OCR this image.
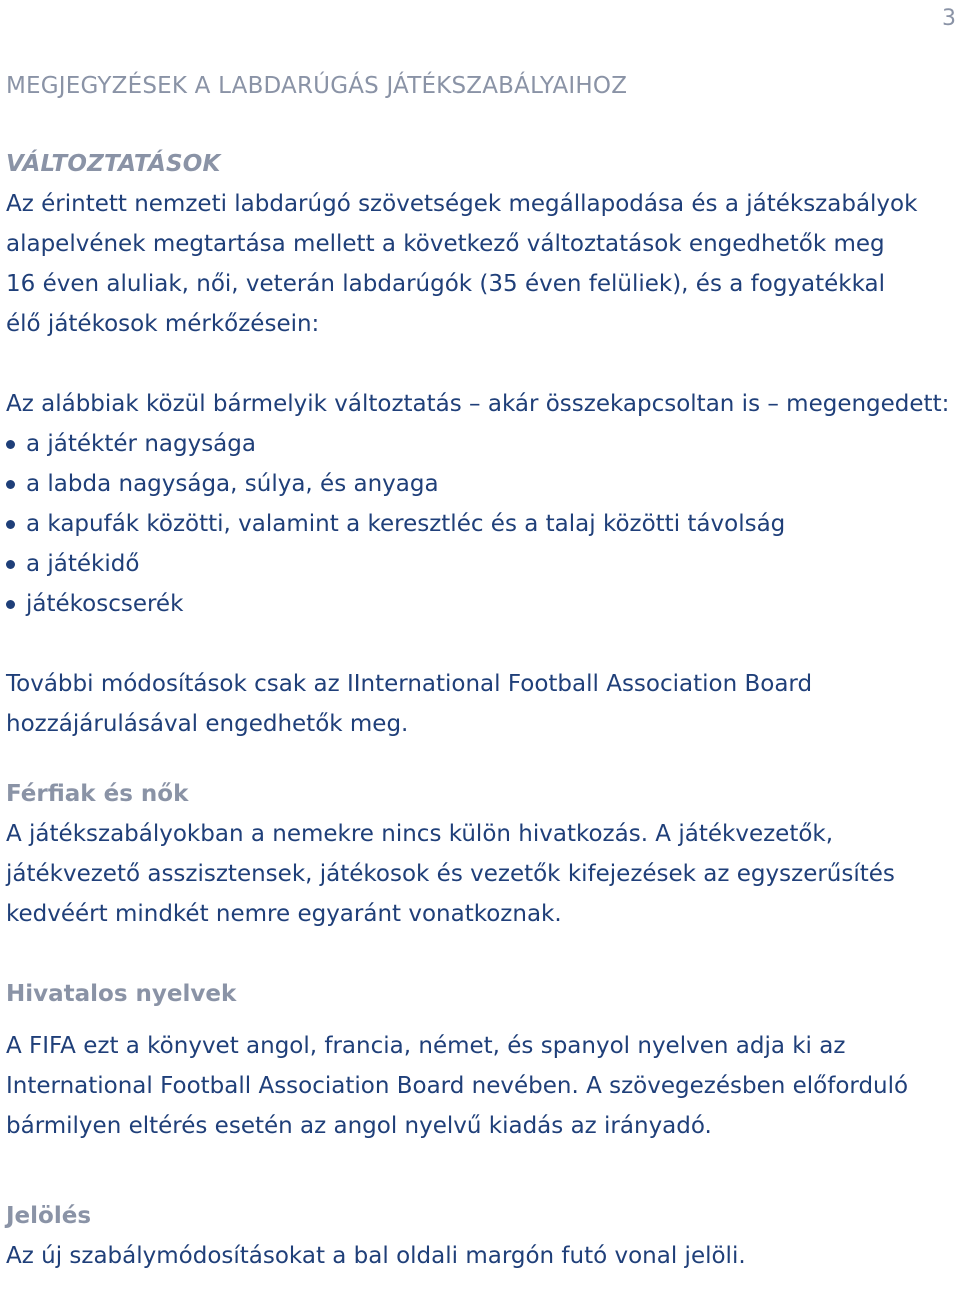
3
MEGJEGYZÉSEK A LABDARÚGÁS JÁTÉKSZABÁLYAIHOZ
VÁLTOZTATÁSOK

Az érintett nemzeti labdarúgó szövetségek megállapodása és a játékszabályok

alapelvének megtartása mellett a következő változtatások engedhetők meg

16 éven aluliak, női, veterán labdarúgók (35 éven felüliek), és a fogyatékkal

élő játékosok mérkőzésein:

Az alábbiak közül bármelyik változtatás – akár összekapcsoltan is – megengedett:

a játéktér nagysága
a labda nagysága, súlya, és anyaga
a kapufák közötti, valamint a keresztléc és a talaj közötti távolság
a játékidő
játékoscserék

További módosítások csak az IInternational Football Association Board

hozzájárulásával engedhetők meg.

Férfiak és nők

A játékszabályokban a nemekre nincs külön hivatkozás. A játékvezetők,

játékvezető asszisztensek, játékosok és vezetők kifejezések az egyszerűsítés

kedvéért mindkét nemre egyaránt vonatkoznak.

Hivatalos nyelvek

A FIFA ezt a könyvet angol, francia, német, és spanyol nyelven adja ki az

International Football Association Board nevében. A szövegezésben előforduló

bármilyen eltérés esetén az angol nyelvű kiadás az irányadó.

Jelölés

Az új szabálymódosításokat a bal oldali margón futó vonal jelöli.
